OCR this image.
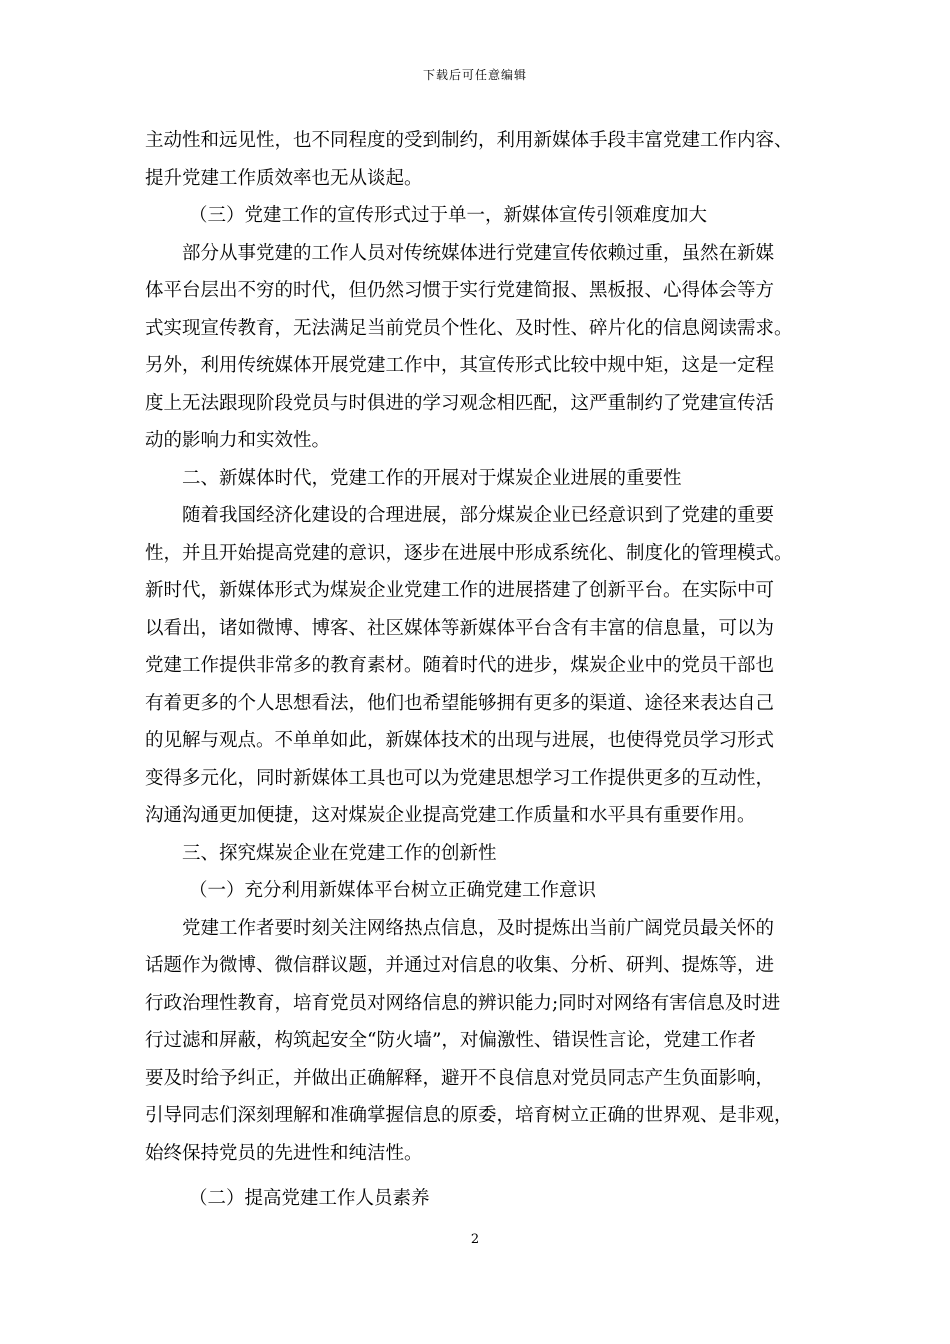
下载后可任意编辑
主动性和远见性，也不同程度的受到制约，利用新媒体手段丰富党建工作内容、
提升党建工作质效率也无从谈起。
（三）党建工作的宣传形式过于单一，新媒体宣传引领难度加大
部分从事党建的工作人员对传统媒体进行党建宣传依赖过重，虽然在新媒
体平台层出不穷的时代，但仍然习惯于实行党建简报、黑板报、心得体会等方
式实现宣传教育，无法满足当前党员个性化、及时性、碎片化的信息阅读需求。
另外，利用传统媒体开展党建工作中，其宣传形式比较中规中矩，这是一定程
度上无法跟现阶段党员与时俱进的学习观念相匹配，这严重制约了党建宣传活
动的影响力和实效性。
二、新媒体时代，党建工作的开展对于煤炭企业进展的重要性
随着我国经济化建设的合理进展，部分煤炭企业已经意识到了党建的重要
性，并且开始提高党建的意识，逐步在进展中形成系统化、制度化的管理模式。
新时代，新媒体形式为煤炭企业党建工作的进展搭建了创新平台。在实际中可
以看出，诸如微博、博客、社区媒体等新媒体平台含有丰富的信息量，可以为
党建工作提供非常多的教育素材。随着时代的进步，煤炭企业中的党员干部也
有着更多的个人思想看法，他们也希望能够拥有更多的渠道、途径来表达自己
的见解与观点。不单单如此，新媒体技术的出现与进展，也使得党员学习形式
变得多元化，同时新媒体工具也可以为党建思想学习工作提供更多的互动性，
沟通沟通更加便捷，这对煤炭企业提高党建工作质量和水平具有重要作用。
三、探究煤炭企业在党建工作的创新性
（一）充分利用新媒体平台树立正确党建工作意识
党建工作者要时刻关注网络热点信息，及时提炼出当前广阔党员最关怀的
话题作为微博、微信群议题，并通过对信息的收集、分析、研判、提炼等，进
行政治理性教育，培育党员对网络信息的辨识能力;同时对网络有害信息及时进
行过滤和屏蔽，构筑起安全“防火墙”，对偏激性、错误性言论，党建工作者
要及时给予纠正，并做出正确解释，避开不良信息对党员同志产生负面影响，
引导同志们深刻理解和准确掌握信息的原委，培育树立正确的世界观、是非观，
始终保持党员的先进性和纯洁性。
（二）提高党建工作人员素养
2
